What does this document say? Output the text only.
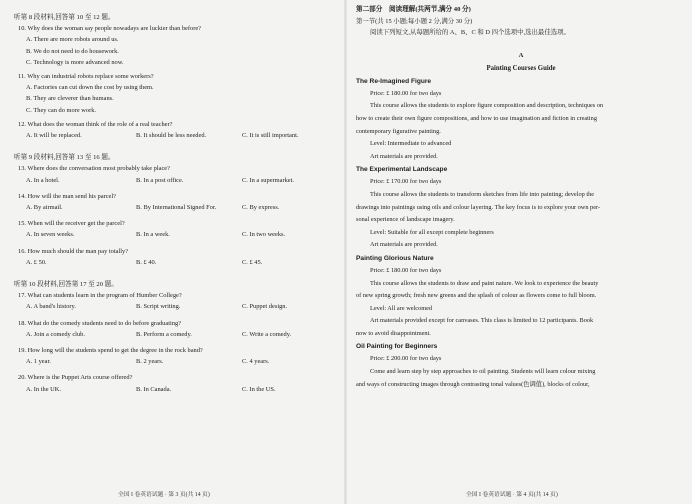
听第 8 段材料,回答第 10 至 12 题。
10. Why does the woman say people nowadays are luckier than before?
A. There are more robots around us.
B. We do not need to do housework.
C. Technology is more advanced now.
11. Why can industrial robots replace some workers?
A. Factories can cut down the cost by using them.
B. They are cleverer than humans.
C. They can do more work.
12. What does the woman think of the role of a real teacher?
A. It will be replaced.	B. It should be less needed.	C. It is still important.
听第 9 段材料,回答第 13 至 16 题。
13. Where does the conversation most probably take place?
A. In a hotel.	B. In a post office.	C. In a supermarket.
14. How will the man send his parcel?
A. By airmail.	B. By International Signed For.	C. By express.
15. When will the receiver get the parcel?
A. In seven weeks.	B. In a week.	C. In two weeks.
16. How much should the man pay totally?
A. £ 50.	B. £ 40.	C. £ 45.
听第 10 段材料,回答第 17 至 20 题。
17. What can students learn in the program of Humber College?
A. A band's history.	B. Script writing.	C. Puppet design.
18. What do the comedy students need to do before graduating?
A. Join a comedy club.	B. Perform a comedy.	C. Write a comedy.
19. How long will the students spend to get the degree in the rock band?
A. 1 year.	B. 2 years.	C. 4 years.
20. Where is the Puppet Arts course offered?
A. In the UK.	B. In Canada.	C. In the US.
全国 I 卷英语试题 · 第 3 页(共 14 页)
第二部分　阅读理解(共两节,满分 40 分)
第一节(共 15 小题;每小题 2 分,满分 30 分)
阅读下列短文,从每题所给的 A、B、C 和 D 四个选项中,选出最佳选项。
A
Painting Courses Guide
The Re-Imagined Figure
Price: £ 180.00 for two days
This course allows the students to explore figure composition and description, techniques on
how to create their own figure compositions, and how to use imagination and fiction in creating
contemporary figurative painting.
Level: Intermediate to advanced
Art materials are provided.
The Experimental Landscape
Price: £ 170.00 for two days
This course allows the students to transform sketches from life into painting; develop the
drawings into paintings using oils and colour layering. The key focus is to explore your own per-
sonal experience of landscape imagery.
Level: Suitable for all except complete beginners
Art materials are provided.
Painting Glorious Nature
Price: £ 180.00 for two days
This course allows the students to draw and paint nature. We look to experience the beauty
of new spring growth; fresh new greens and the splash of colour as flowers come to full bloom.
Level: All are welcomed
Art materials provided except for canvases. This class is limited to 12 participants. Book
now to avoid disappointment.
Oil Painting for Beginners
Price: £ 200.00 for two days
Come and learn step by step approaches to oil painting. Students will learn colour mixing
and ways of constructing images through contrasting tonal values(色调值), blocks of colour,
全国 I 卷英语试题 · 第 4 页(共 14 页)
